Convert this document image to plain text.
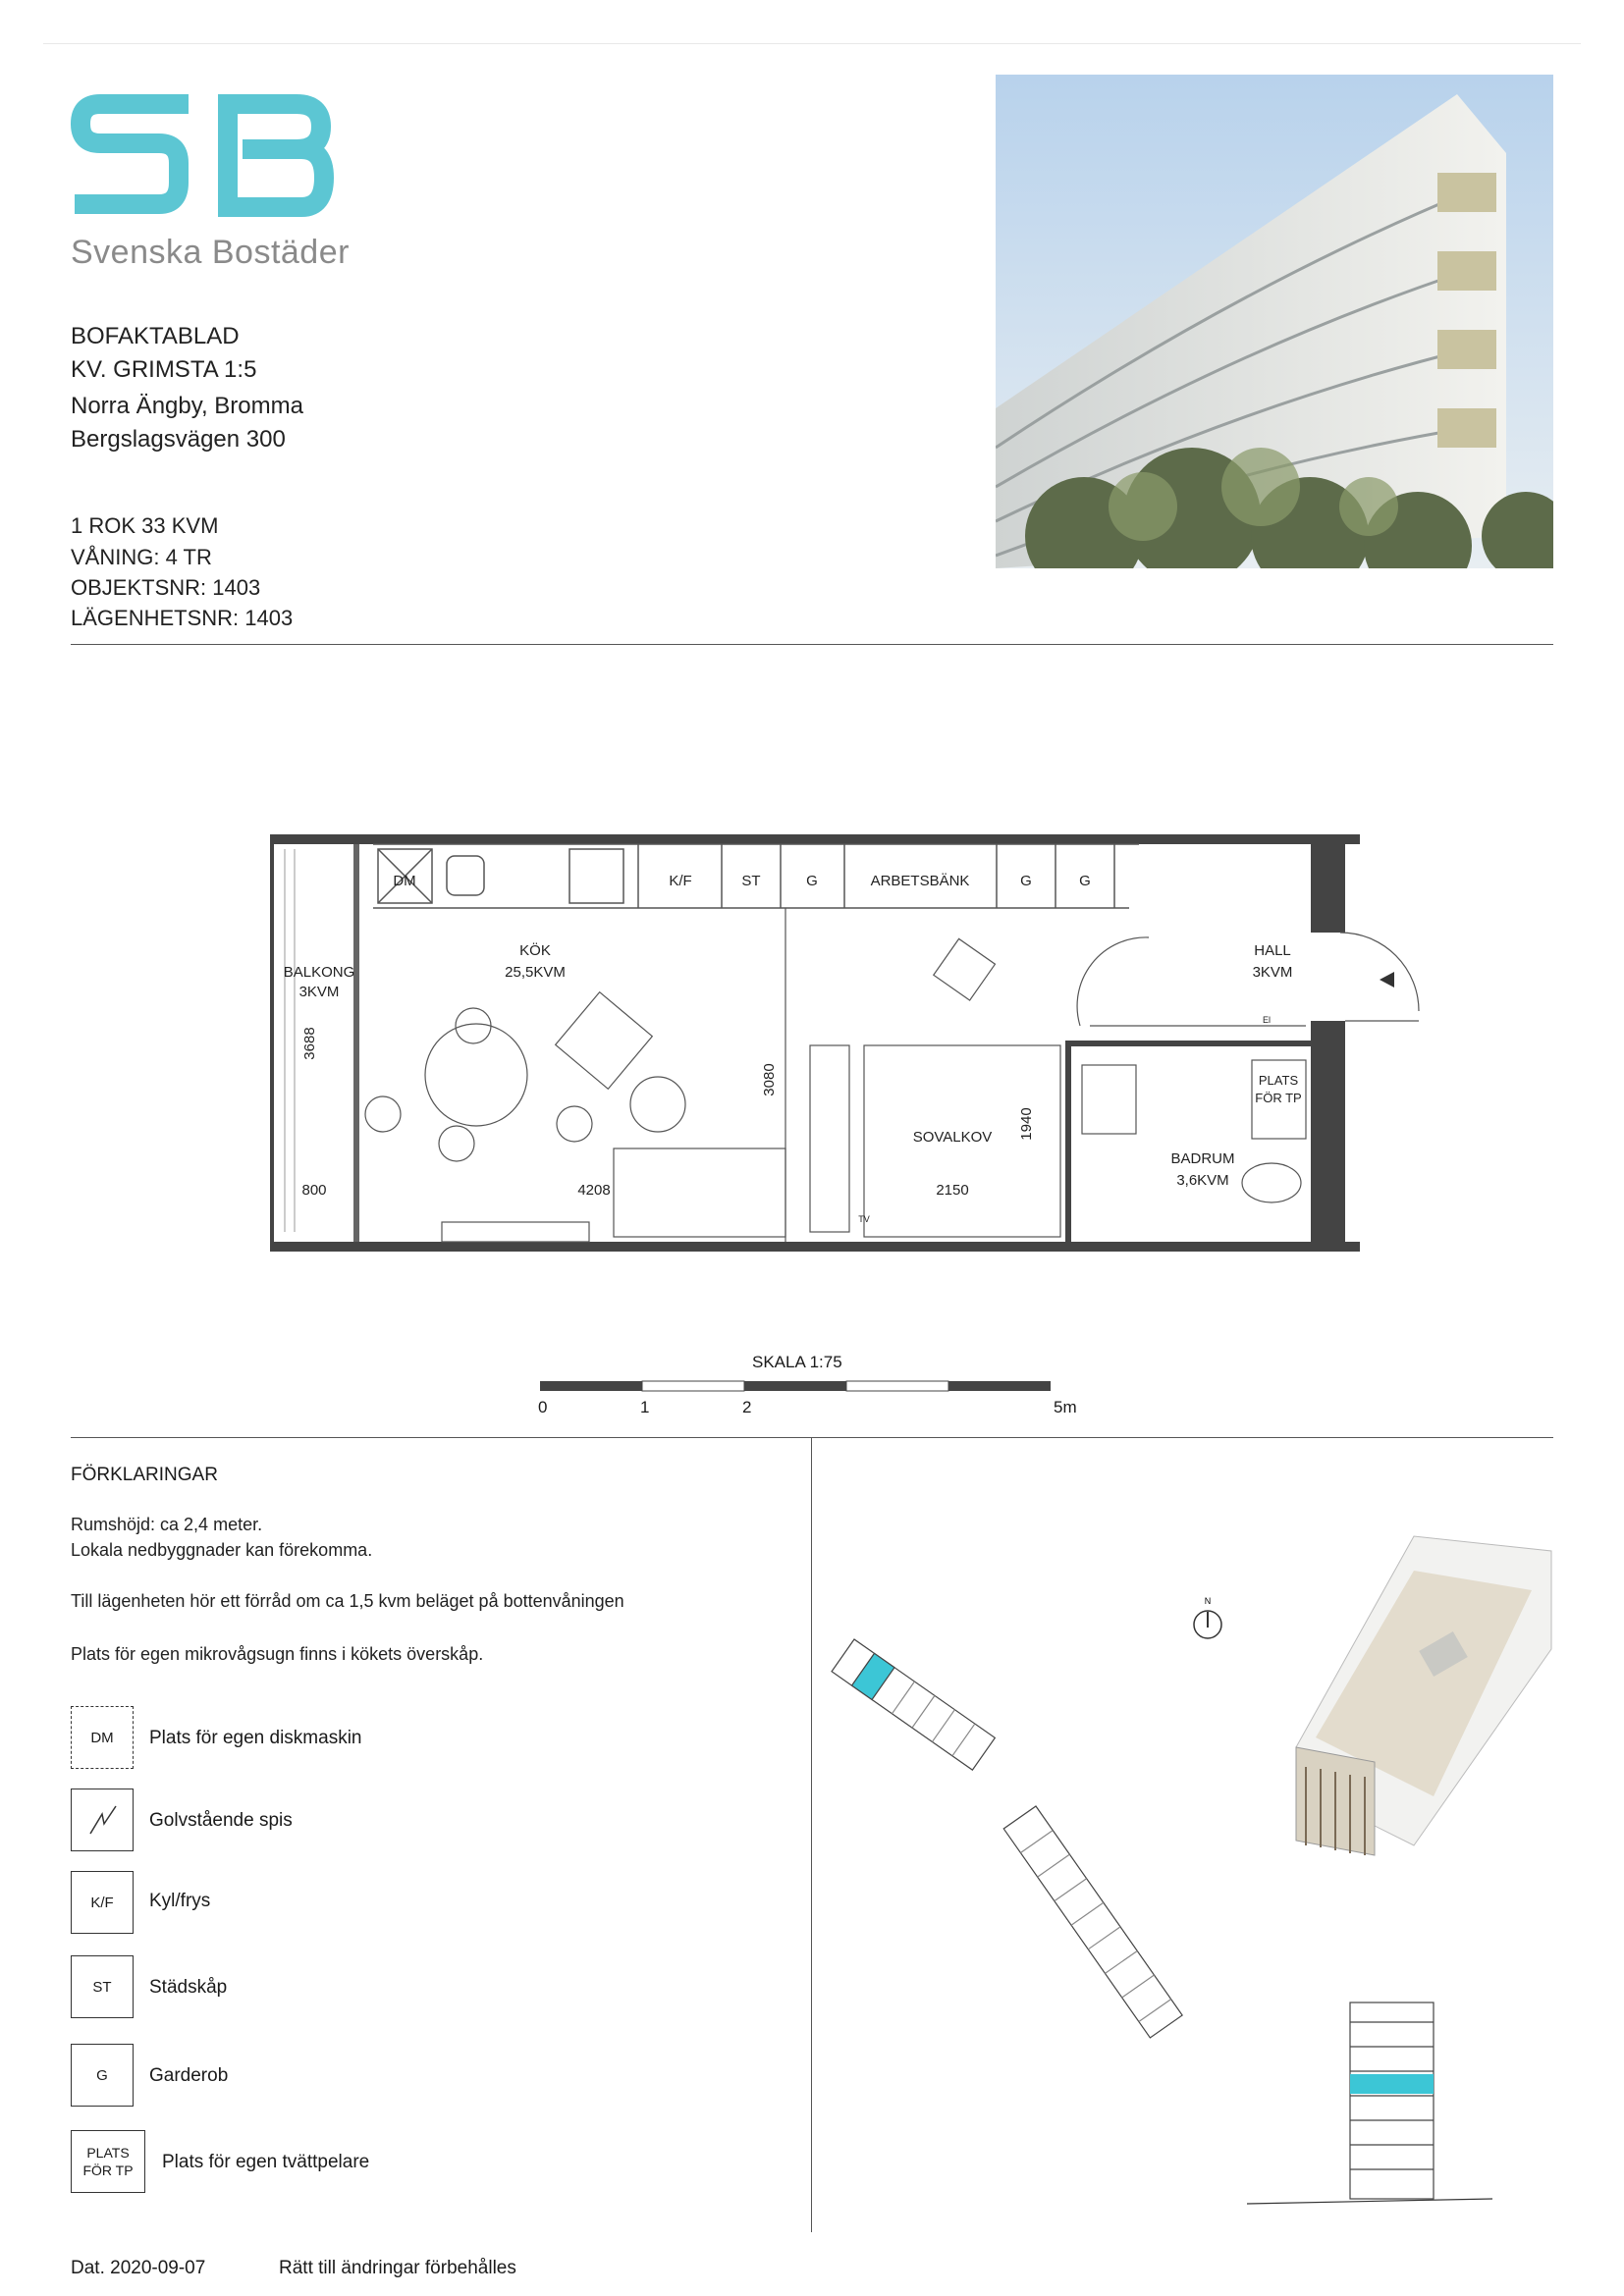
Svenska Bostäder
BOFAKTABLAD
KV. GRIMSTA 1:5
Norra Ängby, Bromma
Bergslagsvägen 300
1 ROK 33 KVM
VÅNING: 4 TR
OBJEKTSNR: 1403
LÄGENHETSNR: 1403
DM	K/F	ST	G	ARBETSBÄNK	G	G
KÖK
25,5KVM
BALKONG
3KVM
HALL
3KVM
SOVALKOV
BADRUM
3,6KVM
PLATS
FÖR TP
El
TV
800	4208	2150
3688
3080
1940
SKALA 1:75
0	1	2	5m
FÖRKLARINGAR
Rumshöjd: ca 2,4 meter.
Lokala nedbyggnader kan förekomma.
Till lägenheten hör ett förråd om ca 1,5 kvm beläget på bottenvåningen
Plats för egen mikrovågsugn finns i kökets överskåp.
DM Plats för egen diskmaskin
Golvstående spis
K/F Kyl/frys
ST Städskåp
G Garderob
PLATS
FÖR TP Plats för egen tvättpelare
N
Dat. 2020-09-07	Rätt till ändringar förbehålles
